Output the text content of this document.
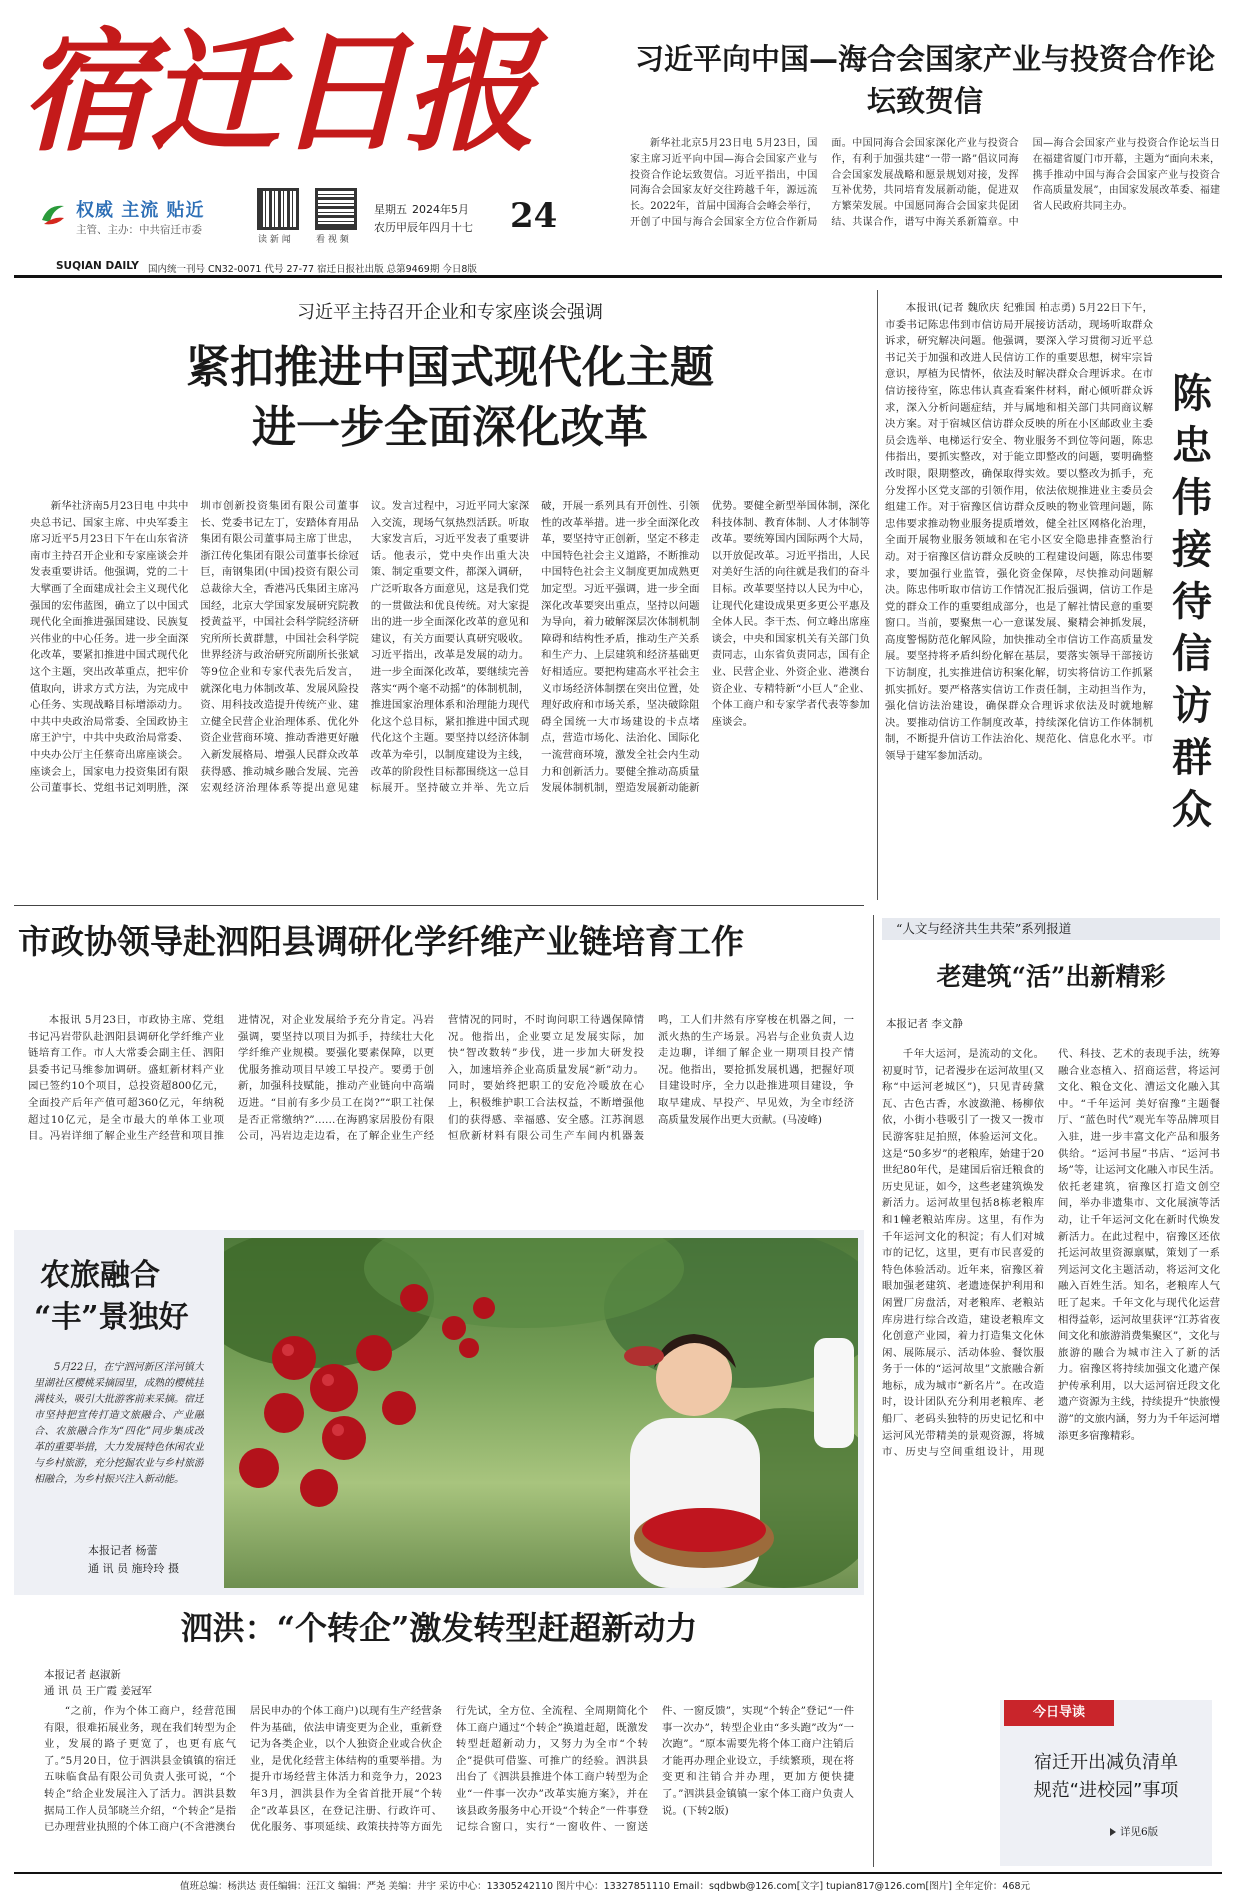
宿迁日报
权威 主流 贴近
主管、主办：中共宿迁市委
读 新 闻	看 视 频
星期五 2024年5月
农历甲辰年四月十七 24
SUQIAN DAILY 国内统一刊号 CN32-0071 代号 27-77 宿迁日报社出版 总第9469期 今日8版
习近平向中国—海合会国家产业与投资合作论坛致贺信
新华社北京5月23日电 5月23日，国家主席习近平向中国—海合会国家产业与投资合作论坛致贺信。习近平指出，中国同海合会国家友好交往跨越千年，源远流长。2022年，首届中国海合会峰会举行，开创了中国与海合会国家全方位合作新局面。中国同海合会国家深化产业与投资合作，有利于加强共建“一带一路”倡议同海合会国家发展战略和愿景规划对接，发挥互补优势，共同培育发展新动能，促进双方繁荣发展。中国愿同海合会国家共促团结、共谋合作，谱写中海关系新篇章。中国—海合会国家产业与投资合作论坛当日在福建省厦门市开幕，主题为“面向未来，携手推动中国与海合会国家产业与投资合作高质量发展”，由国家发展改革委、福建省人民政府共同主办。
习近平主持召开企业和专家座谈会强调
紧扣推进中国式现代化主题
进一步全面深化改革
新华社济南5月23日电 中共中央总书记、国家主席、中央军委主席习近平5月23日下午在山东省济南市主持召开企业和专家座谈会并发表重要讲话。他强调，党的二十大擘画了全面建成社会主义现代化强国的宏伟蓝图，确立了以中国式现代化全面推进强国建设、民族复兴伟业的中心任务。进一步全面深化改革，要紧扣推进中国式现代化这个主题，突出改革重点，把牢价值取向，讲求方式方法，为完成中心任务、实现战略目标增添动力。中共中央政治局常委、全国政协主席王沪宁，中共中央政治局常委、中央办公厅主任蔡奇出席座谈会。座谈会上，国家电力投资集团有限公司董事长、党组书记刘明胜，深圳市创新投资集团有限公司董事长、党委书记左丁，安踏体育用品集团有限公司董事局主席丁世忠，浙江传化集团有限公司董事长徐冠巨，南钢集团(中国)投资有限公司总裁徐大全，香港冯氏集团主席冯国经，北京大学国家发展研究院教授黄益平，中国社会科学院经济研究所所长黄群慧，中国社会科学院世界经济与政治研究所副所长张斌等9位企业和专家代表先后发言，就深化电力体制改革、发展风险投资、用科技改造提升传统产业、建立健全民营企业治理体系、优化外资企业营商环境、推动香港更好融入新发展格局、增强人民群众改革获得感、推动城乡融合发展、完善宏观经济治理体系等提出意见建议。发言过程中，习近平同大家深入交流，现场气氛热烈活跃。听取大家发言后，习近平发表了重要讲话。他表示，党中央作出重大决策、制定重要文件，都深入调研，广泛听取各方面意见，这是我们党的一贯做法和优良传统。对大家提出的进一步全面深化改革的意见和建议，有关方面要认真研究吸收。习近平指出，改革是发展的动力。进一步全面深化改革，要继续完善落实“两个毫不动摇”的体制机制，推进国家治理体系和治理能力现代化这个总目标，紧扣推进中国式现代化这个主题。要坚持以经济体制改革为牵引，以制度建设为主线，改革的阶段性目标都围绕这一总目标展开。坚持破立并举、先立后破，开展一系列具有开创性、引领性的改革举措。进一步全面深化改革，要坚持守正创新，坚定不移走中国特色社会主义道路，不断推动中国特色社会主义制度更加成熟更加定型。习近平强调，进一步全面深化改革要突出重点，坚持以问题为导向，着力破解深层次体制机制障碍和结构性矛盾，推动生产关系和生产力、上层建筑和经济基础更好相适应。要把构建高水平社会主义市场经济体制摆在突出位置，处理好政府和市场关系，坚决破除阻碍全国统一大市场建设的卡点堵点，营造市场化、法治化、国际化一流营商环境，激发全社会内生动力和创新活力。要健全推动高质量发展体制机制，塑造发展新动能新优势。要健全新型举国体制，深化科技体制、教育体制、人才体制等改革。要统筹国内国际两个大局，以开放促改革。习近平指出，人民对美好生活的向往就是我们的奋斗目标。改革要坚持以人民为中心，让现代化建设成果更多更公平惠及全体人民。李干杰、何立峰出席座谈会，中央和国家机关有关部门负责同志，山东省负责同志，国有企业、民营企业、外资企业、港澳台资企业、专精特新“小巨人”企业、个体工商户和专家学者代表等参加座谈会。
本报讯(记者 魏欣庆 纪雅国 柏志勇) 5月22日下午，市委书记陈忠伟到市信访局开展接访活动，现场听取群众诉求，研究解决问题。他强调，要深入学习贯彻习近平总书记关于加强和改进人民信访工作的重要思想，树牢宗旨意识，厚植为民情怀，依法及时解决群众合理诉求。在市信访接待室，陈忠伟认真查看案件材料，耐心倾听群众诉求，深入分析问题症结，并与属地和相关部门共同商议解决方案。对于宿城区信访群众反映的所在小区邮政业主委员会选举、电梯运行安全、物业服务不到位等问题，陈忠伟指出，要抓实整改，对于能立即整改的问题，要明确整改时限，限期整改，确保取得实效。要以整改为抓手，充分发挥小区党支部的引领作用，依法依规推进业主委员会组建工作。对于宿豫区信访群众反映的物业管理问题，陈忠伟要求推动物业服务提质增效，健全社区网格化治理，全面开展物业服务领域和在宅小区安全隐患排查整治行动。对于宿豫区信访群众反映的工程建设问题，陈忠伟要求，要加强行业监管，强化资金保障，尽快推动问题解决。陈忠伟听取市信访工作情况汇报后强调，信访工作是党的群众工作的重要组成部分，也是了解社情民意的重要窗口。当前，要聚焦一心一意谋发展、聚精会神抓发展，高度警惕防范化解风险，加快推动全市信访工作高质量发展。要坚持将矛盾纠纷化解在基层，要落实领导干部接访下访制度，扎实推进信访积案化解，切实将信访工作抓紧抓实抓好。要严格落实信访工作责任制，主动担当作为，强化信访法治建设，确保群众合理诉求依法及时就地解决。要推动信访工作制度改革，持续深化信访工作体制机制，不断提升信访工作法治化、规范化、信息化水平。市领导于建军参加活动。
陈忠伟接待信访群众
市政协领导赴泗阳县调研化学纤维产业链培育工作
本报讯 5月23日，市政协主席、党组书记冯岩带队赴泗阳县调研化学纤维产业链培育工作。市人大常委会副主任、泗阳县委书记马维参加调研。盛虹新材料产业园已签约10个项目，总投资超800亿元，全面投产后年产值可超360亿元，年纳税超过10亿元，是全市最大的单体工业项目。冯岩详细了解企业生产经营和项目推进情况，对企业发展给予充分肯定。冯岩强调，要坚持以项目为抓手，持续壮大化学纤维产业规模。要强化要素保障，以更优服务推动项目早竣工早投产。要勇于创新，加强科技赋能，推动产业链向中高端迈进。“目前有多少员工在岗?”“职工社保是否正常缴纳?”……在海鸥家居股份有限公司，冯岩边走边看，在了解企业生产经营情况的同时，不时询问职工待遇保障情况。他指出，企业要立足发展实际，加快“智改数转”步伐，进一步加大研发投入，加速培养企业高质量发展“新”动力。同时，要始终把职工的安危冷暖放在心上，积极维护职工合法权益，不断增强他们的获得感、幸福感、安全感。江苏润恩恒欣新材料有限公司生产车间内机器轰鸣，工人们井然有序穿梭在机器之间，一派火热的生产场景。冯岩与企业负责人边走边聊，详细了解企业一期项目投产情况。他指出，要抢抓发展机遇，把握好项目建设时序，全力以赴推进项目建设，争取早建成、早投产、早见效，为全市经济高质量发展作出更大贡献。(马凌峰)
农旅融合
“丰”景独好
5月22日，在宁泗河新区洋河镇大里湖社区樱桃采摘园里，成熟的樱桃挂满枝头，吸引大批游客前来采摘。宿迁市坚持把宣传打造文旅融合、产业融合、农旅融合作为“四化”同步集成改革的重要举措，大力发展特色休闲农业与乡村旅游，充分挖掘农业与乡村旅游相融合，为乡村振兴注入新动能。
本报记者 杨蕾
通 讯 员 施玲玲 摄
泗洪：“个转企”激发转型赶超新动力
本报记者 赵淑新
通 讯 员 王广霞 姜冠军
“之前，作为个体工商户，经营范围有限，很难拓展业务，现在我们转型为企业，发展的路子更宽了，也更有底气了。”5月20日，位于泗洪县金镇镇的宿迁五味临食品有限公司负责人张可说，“个转企”给企业发展注入了活力。泗洪县数据局工作人员邹晓兰介绍，“个转企”是指已办理营业执照的个体工商户(不含港澳台居民申办的个体工商户)以现有生产经营条件为基础，依法申请变更为企业，重新登记为各类企业，以个人独资企业或合伙企业，是优化经营主体结构的重要举措。为提升市场经营主体活力和竞争力，2023年3月，泗洪县作为全省首批开展“个转企”改革县区，在登记注册、行政许可、优化服务、事项延续、政策扶持等方面先行先试，全方位、全流程、全周期简化个体工商户通过“个转企”换道赶超，既激发转型赶超新动力，又努力为全市“个转企”提供可借鉴、可推广的经验。泗洪县出台了《泗洪县推进个体工商户转型为企业“一件事一次办”改革实施方案》，并在该县政务服务中心开设“个转企”一件事登记综合窗口，实行“一窗收件、一窗送件、一窗反馈”，实现“个转企”登记“一件事一次办”，转型企业由“多头跑”改为“一次跑”。“原本需要先将个体工商户注销后才能再办理企业设立，手续繁琐，现在将变更和注销合并办理，更加方便快捷了。”泗洪县金镇镇一家个体工商户负责人说。(下转2版)
“人文与经济共生共荣”系列报道
老建筑“活”出新精彩
本报记者 李文静
千年大运河，是流动的文化。初夏时节，记者漫步在运河故里(又称“中运河老城区”)，只见青砖黛瓦、古色古香，水波潋滟、杨柳依依，小街小巷吸引了一拨又一拨市民游客驻足拍照，体验运河文化。这是“50多岁”的老粮库，始建于20世纪80年代，是建国后宿迁粮食的历史见证，如今，这些老建筑焕发新活力。运河故里包括8栋老粮库和1幢老粮站库房。这里，有作为千年运河文化的积淀；有人们对城市的记忆，这里，更有市民喜爱的特色体验活动。近年来，宿豫区着眼加强老建筑、老遗迹保护利用和闲置厂房盘活，对老粮库、老粮站库房进行综合改造，建设老粮库文化创意产业园，着力打造集文化休闲、展陈展示、活动体验、餐饮服务于一体的“运河故里”文旅融合新地标，成为城市“新名片”。在改造时，设计团队充分利用老粮库、老船厂、老码头独特的历史记忆和中运河风光带精美的景观资源，将城市、历史与空间重组设计，用现代、科技、艺术的表现手法，统筹融合业态植入、招商运营，将运河文化、粮仓文化、漕运文化融入其中。“千年运河 美好宿豫”主题餐厅、“蓝色时代”观光车等品牌项目入驻，进一步丰富文化产品和服务供给。“运河书屋”书店、“运河书场”等，让运河文化融入市民生活。依托老建筑，宿豫区打造文创空间，举办非遗集市、文化展演等活动，让千年运河文化在新时代焕发新活力。在此过程中，宿豫区还依托运河故里资源禀赋，策划了一系列运河文化主题活动，将运河文化融入百姓生活。知名，老粮库人气旺了起来。千年文化与现代化运营相得益彰，运河故里获评“江苏省夜间文化和旅游消费集聚区”，文化与旅游的融合为城市注入了新的活力。宿豫区将持续加强文化遗产保护传承利用，以大运河宿迁段文化遗产资源为主线，持续提升“快旅慢游”的文旅内涵，努力为千年运河增添更多宿豫精彩。
今日导读
宿迁开出减负清单
规范“进校园”事项
详见6版
值班总编：杨洪达 责任编辑：汪江文 编辑：严尧 美编：井宇 采访中心：13305242110 图片中心：13327851110 Email：sqdbwb@126.com[文字] tupian817@126.com[图片] 全年定价：468元
